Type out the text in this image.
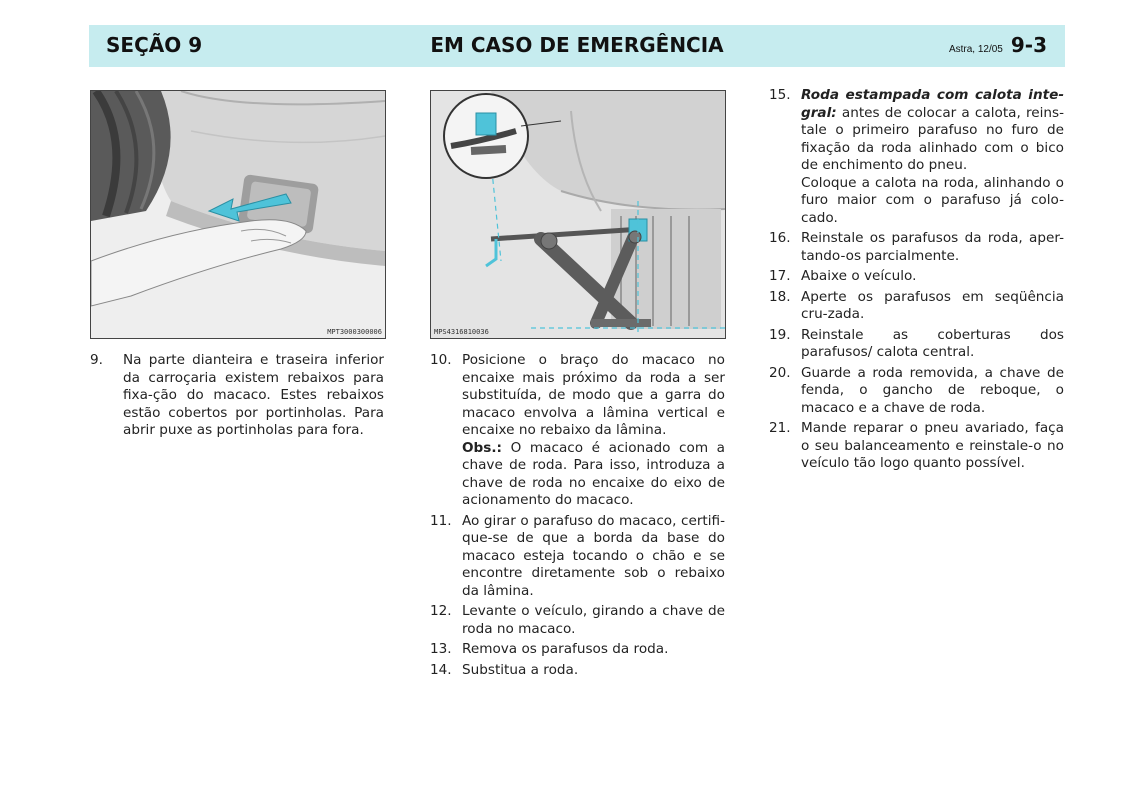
EM CASO DE EMERGÊNCIA
SEÇÃO 9	Astra, 12/05 9-3
MPT3000300006	MPS4316810036
9.	Na parte dianteira e traseira inferior da carroçaria existem rebaixos para fixa-ção do macaco. Estes rebaixos estão cobertos por portinholas. Para abrir puxe as portinholas para fora.

10. Posicione o braço do macaco no encaixe mais próximo da roda a ser substituída, de modo que a garra do macaco envolva a lâmina vertical e encaixe no rebaixo da lâmina.

Obs.: O macaco é acionado com a chave de roda. Para isso, introduza a chave de roda no encaixe do eixo de acionamento do macaco.

11. Ao girar o parafuso do macaco, certifi-que-se de que a borda da base do macaco esteja tocando o chão e se encontre diretamente sob o rebaixo da lâmina.

12. Levante o veículo, girando a chave de roda no macaco.

13. Remova os parafusos da roda.

14. Substitua a roda.

15. Roda estampada com calota inte-gral: antes de colocar a calota, reins-tale o primeiro parafuso no furo de fixação da roda alinhado com o bico de enchimento do pneu.

Coloque a calota na roda, alinhando o furo maior com o parafuso já colo-cado.

16. Reinstale os parafusos da roda, aper-tando-os parcialmente.

17. Abaixe o veículo.

18. Aperte os parafusos em seqüência cru-zada.

19. Reinstale as coberturas dos parafusos/ calota central.

20. Guarde a roda removida, a chave de fenda, o gancho de reboque, o macaco e a chave de roda.

21. Mande reparar o pneu avariado, faça o seu balanceamento e reinstale-o no veículo tão logo quanto possível.
